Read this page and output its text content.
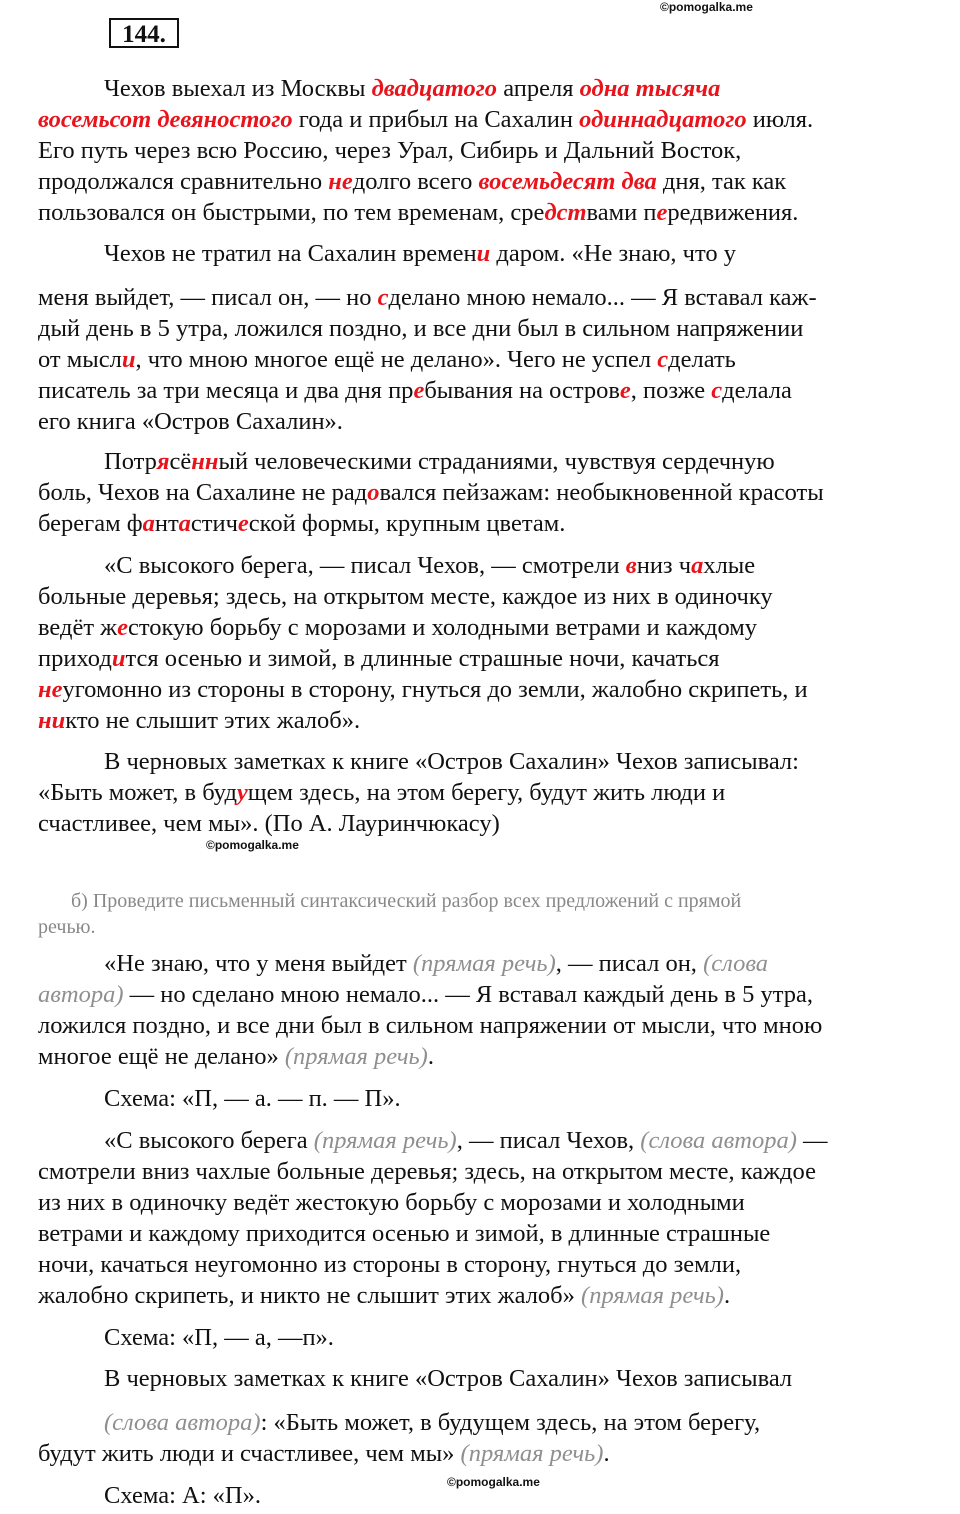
©pomogalka.me
144.
Чехов выехал из Москвы двадцатого апреля одна тысяча
восемьсот девяностого года и прибыл на Сахалин одиннадцатого июля.
Его путь через всю Россию, через Урал, Сибирь и Дальний Восток,
продолжался сравнительно недолго всего восемьдесят два дня, так как
пользовался он быстрыми, по тем временам, средствами передвижения.
Чехов не тратил на Сахалин времени даром. «Не знаю, что у
меня выйдет, — писал он, — но сделано мною немало... — Я вставал каж-
дый день в 5 утра, ложился поздно, и все дни был в сильном напряжении
от мысли, что мною многое ещё не делано». Чего не успел сделать
писатель за три месяца и два дня пребывания на острове, позже сделала
его книга «Остров Сахалин».
Потрясённый человеческими страданиями, чувствуя сердечную
боль, Чехов на Сахалине не радовался пейзажам: необыкновенной красоты
берегам фантастической формы, крупным цветам.
«С высокого берега, — писал Чехов, — смотрели вниз чахлые
больные деревья; здесь, на открытом месте, каждое из них в одиночку
ведёт жестокую борьбу с морозами и холодными ветрами и каждому
приходится осенью и зимой, в длинные страшные ночи, качаться
неугомонно из стороны в сторону, гнуться до земли, жалобно скрипеть, и
никто не слышит этих жалоб».
В черновых заметках к книге «Остров Сахалин» Чехов записывал:
«Быть может, в будущем здесь, на этом берегу, будут жить люди и
счастливее, чем мы». (По А. Лауринчюкасу)
©pomogalka.me
б) Проведите письменный синтаксический разбор всех предложений с прямой
речью.
«Не знаю, что у меня выйдет (прямая речь), — писал он, (слова
автора) — но сделано мною немало... — Я вставал каждый день в 5 утра,
ложился поздно, и все дни был в сильном напряжении от мысли, что мною
многое ещё не делано» (прямая речь).
Схема: «П, — а. — п. — П».
«С высокого берега (прямая речь), — писал Чехов, (слова автора) —
смотрели вниз чахлые больные деревья; здесь, на открытом месте, каждое
из них в одиночку ведёт жестокую борьбу с морозами и холодными
ветрами и каждому приходится осенью и зимой, в длинные страшные
ночи, качаться неугомонно из стороны в сторону, гнуться до земли,
жалобно скрипеть, и никто не слышит этих жалоб» (прямая речь).
Схема: «П, — а, —п».
В черновых заметках к книге «Остров Сахалин» Чехов записывал
(слова автора): «Быть может, в будущем здесь, на этом берегу,
будут жить люди и счастливее, чем мы» (прямая речь).
©pomogalka.me
Схема: А: «П».
